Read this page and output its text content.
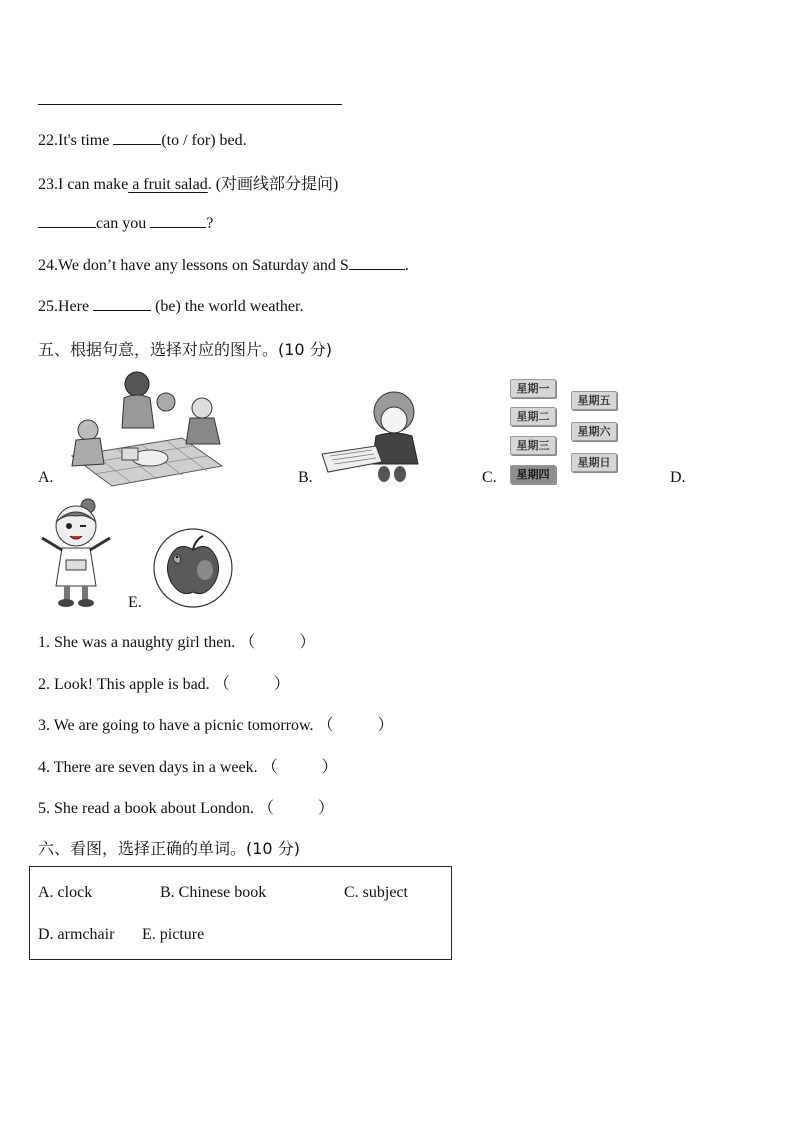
22.It's time	(to / for) bed.
23.I can make a fruit salad. (对画线部分提问)
can you	?
24.We don’t have any lessons on Saturday and S	.
25.Here	(be) the world weather.
五、根据句意，选择对应的图片。(10 分)
A.	B.
星期一
星期二
星期三
星期四
星期五
星期六
星期日
C.	D.
E.
1. She was a naughty girl then. （	）
2. Look! This apple is bad. （	）
3. We are going to have a picnic tomorrow. （	）
4. There are seven days in a week. （	）
5. She read a book about London. （	）
六、看图，选择正确的单词。(10 分)
A. clock	B. Chinese book	C. subject
D. armchair E. picture
